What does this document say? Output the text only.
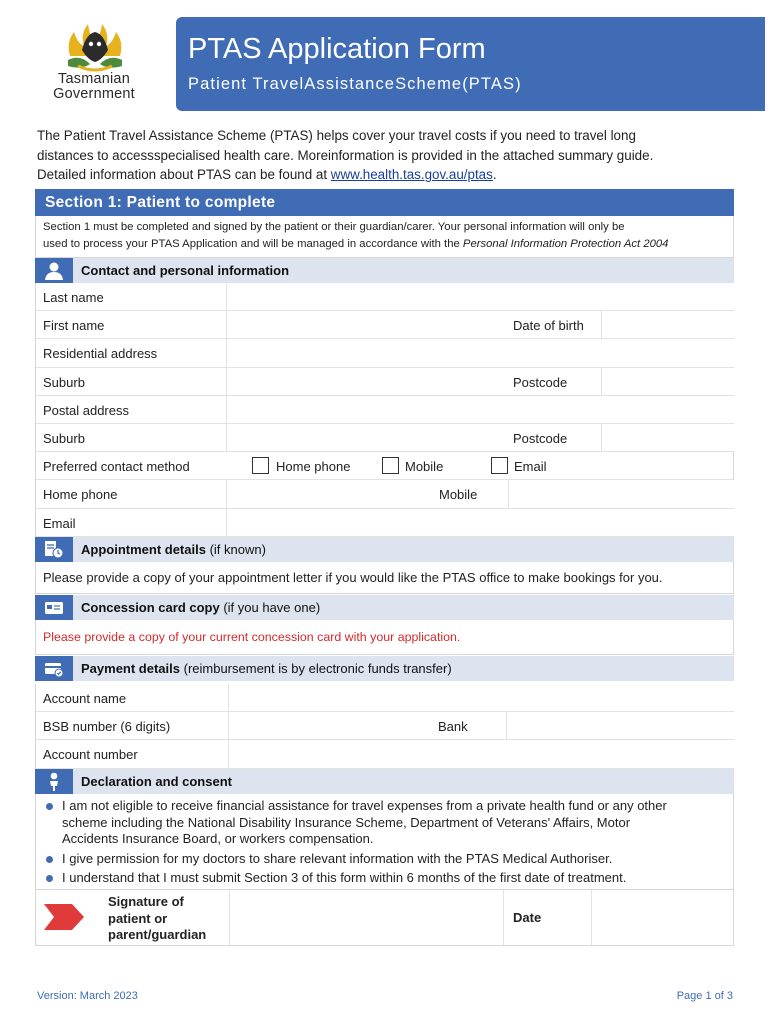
Tasmanian
Government
PTAS Application Form
Patient TravelAssistanceScheme(PTAS)
The Patient Travel Assistance Scheme (PTAS) helps cover your travel costs if you need to travel long
distances to accessspecialised health care. Moreinformation is provided in the attached summary guide.
Detailed information about PTAS can be found at www.health.tas.gov.au/ptas.
Section 1: Patient to complete
Section 1 must be completed and signed by the patient or their guardian/carer. Your personal information will only be
used to process your PTAS Application and will be managed in accordance with the Personal Information Protection Act 2004
Contact and personal information
Last name
First name	Date of birth
Residential address
Suburb	Postcode
Postal address
Suburb	Postcode
Preferred contact method	Home phone	Mobile	Email
Home phone	Mobile
Email
Appointment details (if known)
Please provide a copy of your appointment letter if you would like the PTAS office to make bookings for you.
Concession card copy (if you have one)
Please provide a copy of your current concession card with your application.
Payment details (reimbursement is by electronic funds transfer)
Account name
BSB number (6 digits)	Bank
Account number
Declaration and consent
I am not eligible to receive financial assistance for travel expenses from a private health fund or any other
scheme including the National Disability Insurance Scheme, Department of Veterans' Affairs, Motor
Accidents Insurance Board, or workers compensation.
I give permission for my doctors to share relevant information with the PTAS Medical Authoriser.
I understand that I must submit Section 3 of this form within 6 months of the first date of treatment.
Signature of
patient or
parent/guardian
Date
Version: March 2023	Page 1 of 3
